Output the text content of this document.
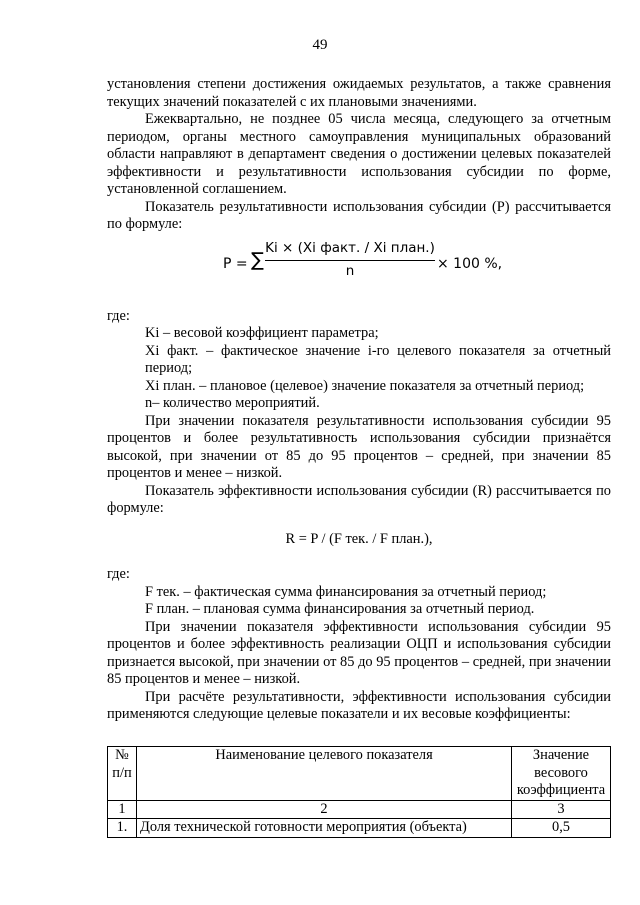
49

установления степени достижения ожидаемых результатов, а также сравнения текущих значений показателей с их плановыми значениями.

Ежеквартально, не позднее 05 числа месяца, следующего за отчетным периодом, органы местного самоуправления муниципальных образований области направляют в департамент сведения о достижении целевых показателей эффективности и результативности использования субсидии по форме, установленной соглашением.

Показатель результативности использования субсидии (P) рассчитывается по формуле:

P = ∑
Ki × (Xi факт. / Xi план.)
n	× 100 %,

где:

Ki – весовой коэффициент параметра;

Xi факт. – фактическое значение i-го целевого показателя за отчетный период;

Xi план. – плановое (целевое) значение показателя за отчетный период;

n– количество мероприятий.

При значении показателя результативности использования субсидии 95 процентов и более результативность использования субсидии признаётся высокой, при значении от 85 до 95 процентов – средней, при значении 85 процентов и менее – низкой.

Показатель эффективности использования субсидии (R) рассчитывается по формуле:

R = P / (F тек. / F план.),

где:

F тек. – фактическая сумма финансирования за отчетный период;

F план. – плановая сумма финансирования за отчетный период.

При значении показателя эффективности использования субсидии 95 процентов и более эффективность реализации ОЦП и использования субсидии признается высокой, при значении от 85 до 95 процентов – средней, при значении 85 процентов и менее – низкой.

При расчёте результативности, эффективности использования субсидии применяются следующие целевые показатели и их весовые коэффициенты:

№ п/п	Наименование целевого показателя	Значение весового коэффициента
1	2	3
1.	Доля технической готовности мероприятия (объекта)	0,5
